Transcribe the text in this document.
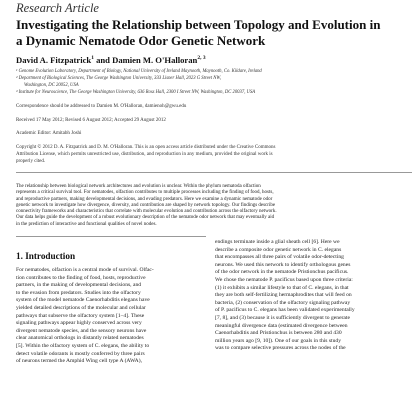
Research Article
Investigating the Relationship between Topology and Evolution in
a Dynamic Nematode Odor Genetic Network
David A. Fitzpatrick$^1$ and Damien M. O'Halloran$^{2, 3}$
¹ Genome Evolution Laboratory, Department of Biology, National University of Ireland Maynooth, Maynooth, Co. Kildare, Ireland
² Department of Biological Sciences, The George Washington University, 333 Lisner Hall, 2023 G Street NW,
Washington, DC 20052, USA
³ Institute for Neuroscience, The George Washington University, 636 Ross Hall, 2300 I Street NW, Washington, DC 20037, USA
Correspondence should be addressed to Damien M. O'Halloran, damienoh@gwu.edu
Received 17 May 2012; Revised 6 August 2012; Accepted 29 August 2012
Academic Editor: Amitabh Joshi
Copyright © 2012 D. A. Fitzpatrick and D. M. O'Halloran. This is an open access article distributed under the Creative Commons
Attribution License, which permits unrestricted use, distribution, and reproduction in any medium, provided the original work is
properly cited.
The relationship between biological network architectures and evolution is unclear. Within the phylum nematoda olfaction
represents a critical survival tool. For nematodes, olfaction contributes to multiple processes including the finding of food, hosts,
and reproductive partners, making developmental decisions, and evading predators. Here we examine a dynamic nematode odor
genetic network to investigate how divergence, diversity, and contribution are shaped by network topology. Our findings describe
connectivity frameworks and characteristics that correlate with molecular evolution and contribution across the olfactory network.
Our data helps guide the development of a robust evolutionary description of the nematode odor network that may eventually aid
in the prediction of interactive and functional qualities of novel nodes.
1. Introduction
For nematodes, olfaction is a central mode of survival. Olfac-
tion contributes to the finding of food, hosts, reproductive
partners, in the making of developmental decisions, and
to the evasion from predators. Studies into the olfactory
system of the model nematode Caenorhabditis elegans have
yielded detailed descriptions of the molecular and cellular
pathways that subserve the olfactory system [1–4]. These
signaling pathways appear highly conserved across very
divergent nematode species, and the sensory neurons have
clear anatomical orthologs in distantly related nematodes
[5]. Within the olfactory system of C. elegans, the ability to
detect volatile odorants is mostly conferred by three pairs
of neurons termed the Amphid Wing cell type A (AWA),
endings terminate inside a glial sheath cell [6]. Here we
describe a composite odor genetic network in C. elegans
that encompasses all three pairs of volatile odor-detecting
neurons. We used this network to identify orthologous genes
of the odor network in the nematode Pristionchus pacificus.
We chose the nematode P. pacificus based upon three criteria:
(1) it exhibits a similar lifestyle to that of C. elegans, in that
they are both self-fertilizing hermaphrodites that will feed on
bacteria, (2) conservation of the olfactory signaling pathway
of P. pacificus to C. elegans has been validated experimentally
[7, 8], and (3) because it is sufficiently divergent to generate
meaningful divergence data (estimated divergence between
Caenorhabditis and Pristionchus is between 280 and 430
million years ago [9, 10]). One of our goals in this study
was to compare selective pressures across the nodes of the
